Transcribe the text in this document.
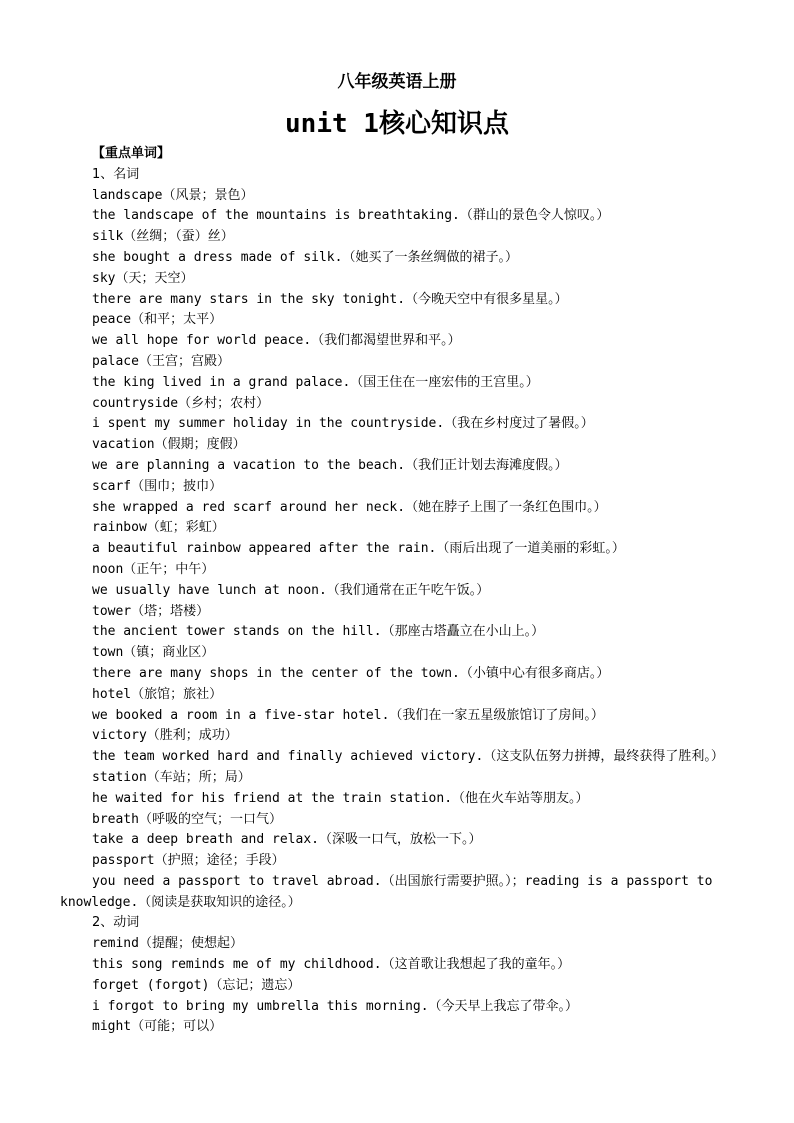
八年级英语上册
unit 1核心知识点
【重点单词】
1、名词
landscape（风景；景色）
the landscape of the mountains is breathtaking.（群山的景色令人惊叹。）
silk（丝绸；（蚕）丝）
she bought a dress made of silk.（她买了一条丝绸做的裙子。）
sky（天；天空）
there are many stars in the sky tonight.（今晚天空中有很多星星。）
peace（和平；太平）
we all hope for world peace.（我们都渴望世界和平。）
palace（王宫；宫殿）
the king lived in a grand palace.（国王住在一座宏伟的王宫里。）
countryside（乡村；农村）
i spent my summer holiday in the countryside.（我在乡村度过了暑假。）
vacation（假期；度假）
we are planning a vacation to the beach.（我们正计划去海滩度假。）
scarf（围巾；披巾）
she wrapped a red scarf around her neck.（她在脖子上围了一条红色围巾。）
rainbow（虹；彩虹）
a beautiful rainbow appeared after the rain.（雨后出现了一道美丽的彩虹。）
noon（正午；中午）
we usually have lunch at noon.（我们通常在正午吃午饭。）
tower（塔；塔楼）
the ancient tower stands on the hill.（那座古塔矗立在小山上。）
town（镇；商业区）
there are many shops in the center of the town.（小镇中心有很多商店。）
hotel（旅馆；旅社）
we booked a room in a five-star hotel.（我们在一家五星级旅馆订了房间。）
victory（胜利；成功）
the team worked hard and finally achieved victory.（这支队伍努力拼搏，最终获得了胜利。）
station（车站；所；局）
he waited for his friend at the train station.（他在火车站等朋友。）
breath（呼吸的空气；一口气）
take a deep breath and relax.（深吸一口气，放松一下。）
passport（护照；途径；手段）
you need a passport to travel abroad.（出国旅行需要护照。）；reading is a passport to knowledge.（阅读是获取知识的途径。）
2、动词
remind（提醒；使想起）
this song reminds me of my childhood.（这首歌让我想起了我的童年。）
forget (forgot)（忘记；遗忘）
i forgot to bring my umbrella this morning.（今天早上我忘了带伞。）
might（可能；可以）
